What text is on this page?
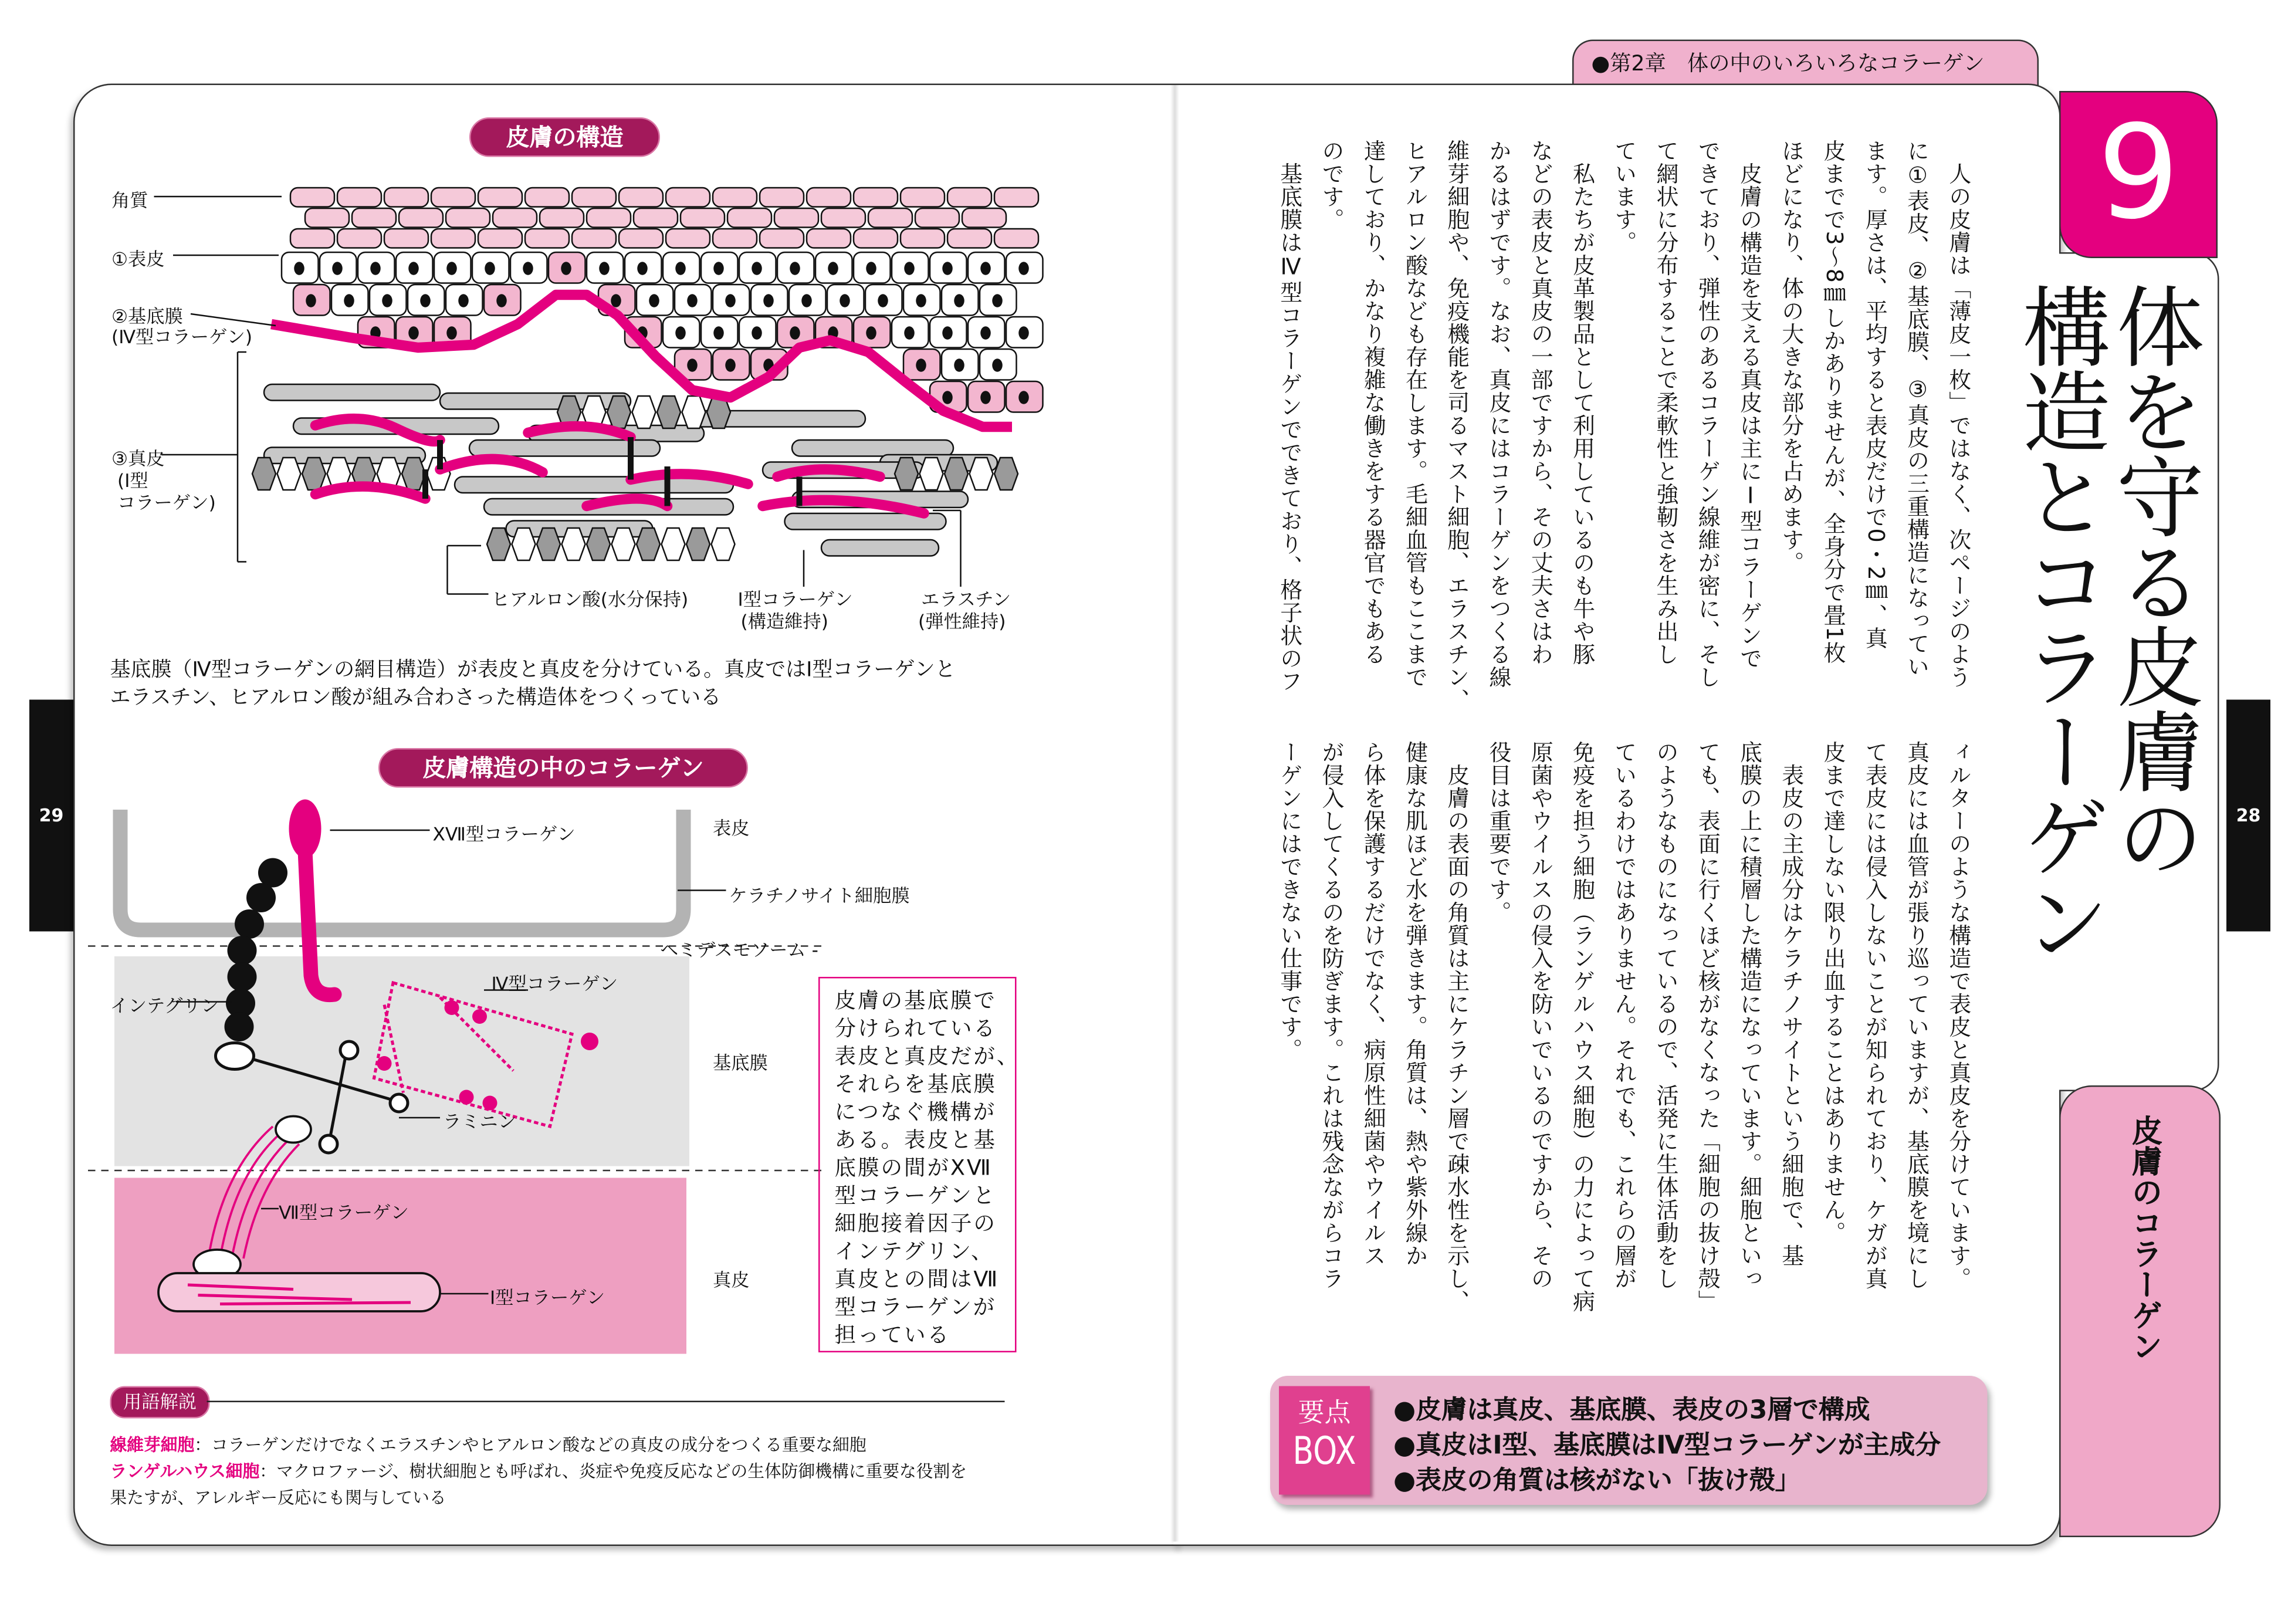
29	28
●第2章　体の中のいろいろなコラーゲン
9
体を守る皮膚の
構造とコラーゲン
皮膚のコラーゲン
　人の皮膚は「薄皮一枚」ではなく、次ページのよう
に①表皮、②基底膜、③真皮の三重構造になってい
ます。厚さは、平均すると表皮だけで0・2㎜、真
皮までで3〜8㎜しかありませんが、全身分で畳1枚
ほどになり、体の大きな部分を占めます。
　皮膚の構造を支える真皮は主にⅠ型コラーゲンで
できており、弾性のあるコラーゲン線維が密に、そし
て網状に分布することで柔軟性と強靭さを生み出し
ています。
　私たちが皮革製品として利用しているのも牛や豚
などの表皮と真皮の一部ですから、その丈夫さはわ
かるはずです。なお、真皮にはコラーゲンをつくる線
維芽細胞や、免疫機能を司るマスト細胞、エラスチン、
ヒアルロン酸なども存在します。毛細血管もここまで
達しており、かなり複雑な働きをする器官でもある
のです。
　基底膜はⅣ型コラーゲンでできており、格子状のフ
ィルターのような構造で表皮と真皮を分けています。
真皮には血管が張り巡っていますが、基底膜を境にし
て表皮には侵入しないことが知られており、ケガが真
皮まで達しない限り出血することはありません。
　表皮の主成分はケラチノサイトという細胞で、基
底膜の上に積層した構造になっています。細胞といっ
ても、表面に行くほど核がなくなった「細胞の抜け殻」
のようなものになっているので、活発に生体活動をし
ているわけではありません。それでも、これらの層が
免疫を担う細胞（ランゲルハウス細胞）の力によって病
原菌やウイルスの侵入を防いでいるのですから、その
役目は重要です。
　皮膚の表面の角質は主にケラチン層で疎水性を示し、
健康な肌ほど水を弾きます。角質は、熱や紫外線か
ら体を保護するだけでなく、病原性細菌やウイルス
が侵入してくるのを防ぎます。これは残念ながらコラ
ーゲンにはできない仕事です。
要点
BOX
●皮膚は真皮、基底膜、表皮の3層で構成
●真皮はⅠ型、基底膜はⅣ型コラーゲンが主成分
●表皮の角質は核がない「抜け殻」
皮膚の構造
角質
①表皮
②基底膜
(Ⅳ型コラーゲン)
③真皮
(Ⅰ型
コラーゲン)
ヒアルロン酸(水分保持)	Ⅰ型コラーゲン
(構造維持)
エラスチン
(弾性維持)
基底膜（Ⅳ型コラーゲンの網目構造）が表皮と真皮を分けている。真皮ではⅠ型コラーゲンと
エラスチン、ヒアルロン酸が組み合わさった構造体をつくっている
皮膚構造の中のコラーゲン
XⅦ型コラーゲン	表皮
ケラチノサイト細胞膜
ヘミデスモソーム -
Ⅳ型コラーゲン
インテグリン
基底膜
ラミニン
Ⅶ型コラーゲン
真皮
Ⅰ型コラーゲン
皮膚の基底膜で
分けられている
表皮と真皮だが、
それらを基底膜
につなぐ機構が
ある。表皮と基
底膜の間がXⅦ
型コラーゲンと
細胞接着因子の
インテグリン、
真皮との間はⅦ
型コラーゲンが
担っている
用語解説
線維芽細胞：コラーゲンだけでなくエラスチンやヒアルロン酸などの真皮の成分をつくる重要な細胞
ランゲルハウス細胞：マクロファージ、樹状細胞とも呼ばれ、炎症や免疫反応などの生体防御機構に重要な役割を
果たすが、アレルギー反応にも関与している
